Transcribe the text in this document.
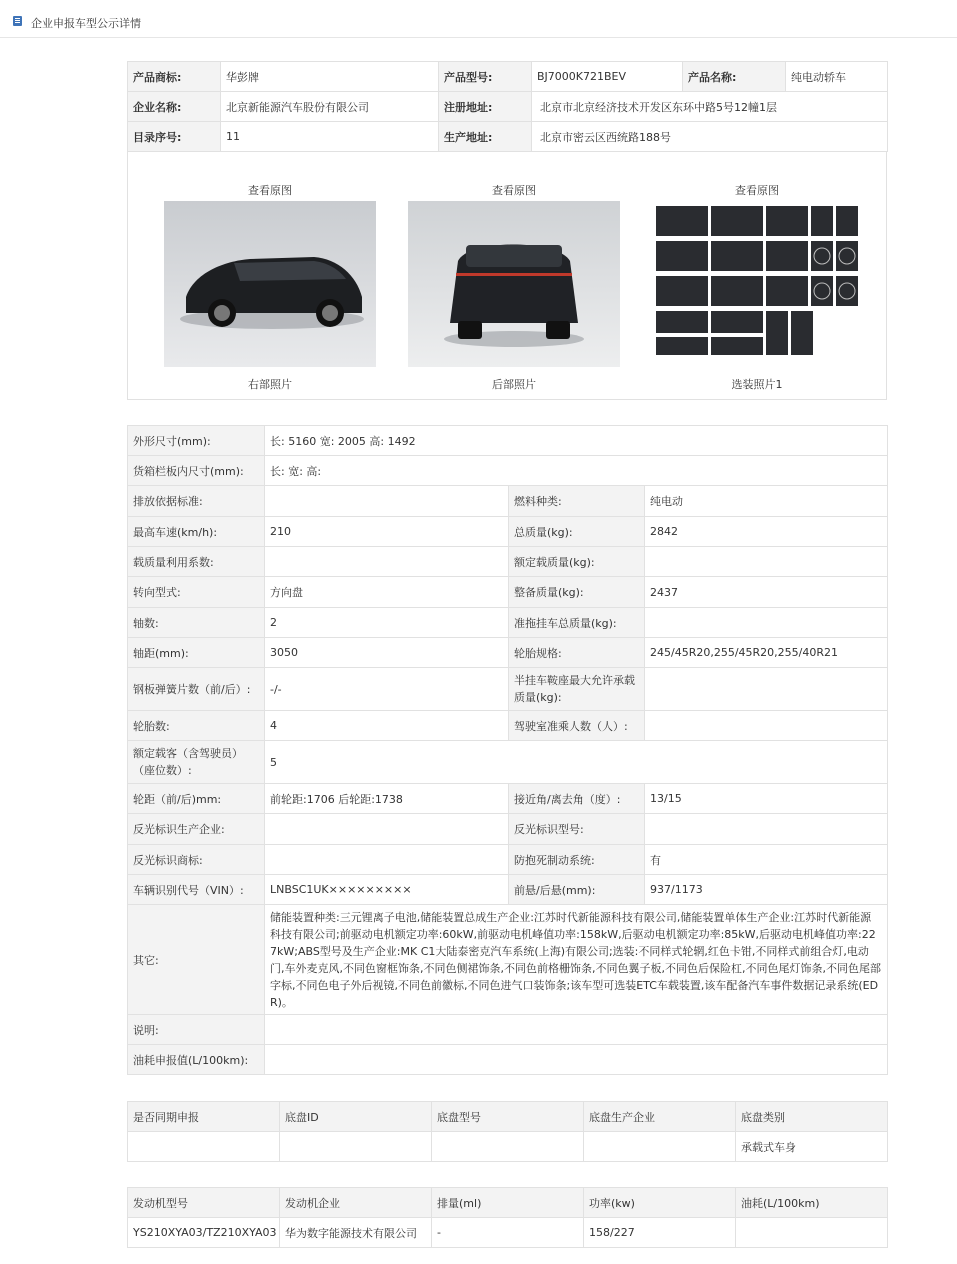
企业申报车型公示详情
产品商标:	华彭牌	产品型号:	BJ7000K721BEV	产品名称:	纯电动轿车
企业名称:	北京新能源汽车股份有限公司	注册地址:	北京市北京经济技术开发区东环中路5号12幢1层		
目录序号:	11	生产地址:	北京市密云区西统路188号		
查看原图
右部照片
查看原图
后部照片
查看原图
选装照片1
外形尺寸(mm):	长: 5160 宽: 2005 高: 1492		
货箱栏板内尺寸(mm):	长: 宽: 高:		
排放依据标准:		燃料种类:	纯电动
最高车速(km/h):	210	总质量(kg):	2842
载质量利用系数:		额定载质量(kg):	
转向型式:	方向盘	整备质量(kg):	2437
轴数:	2	准拖挂车总质量(kg):	
轴距(mm):	3050	轮胎规格:	245/45R20,255/45R20,255/40R21
钢板弹簧片数（前/后）:	-/-	半挂车鞍座最大允许承载质量(kg):	
轮胎数:	4	驾驶室准乘人数（人）:	
额定载客（含驾驶员）（座位数）:	5		
轮距（前/后)mm:	前轮距:1706 后轮距:1738	接近角/离去角（度）:	13/15
反光标识生产企业:		反光标识型号:	
反光标识商标:		防抱死制动系统:	有
车辆识别代号（VIN）:	LNBSC1UK×××××××××	前悬/后悬(mm):	937/1173
其它:	储能装置种类:三元锂离子电池,储能装置总成生产企业:江苏时代新能源科技有限公司,储能装置单体生产企业:江苏时代新能源科技有限公司;前驱动电机额定功率:60kW,前驱动电机峰值功率:158kW,后驱动电机额定功率:85kW,后驱动电机峰值功率:227kW;ABS型号及生产企业:MK C1大陆泰密克汽车系统(上海)有限公司;选装:不同样式轮辋,红色卡钳,不同样式前组合灯,电动门,车外麦克风,不同色窗框饰条,不同色侧裙饰条,不同色前格栅饰条,不同色翼子板,不同色后保险杠,不同色尾灯饰条,不同色尾部字标,不同色电子外后视镜,不同色前徽标,不同色进气口装饰条;该车型可选装ETC车载装置,该车配备汽车事件数据记录系统(EDR)。		
说明:			
油耗申报值(L/100km):			
是否同期申报	底盘ID	底盘型号	底盘生产企业	底盘类别
				承载式车身
发动机型号	发动机企业	排量(ml)	功率(kw)	油耗(L/100km)
YS210XYA03/TZ210XYA03	华为数字能源技术有限公司	-	158/227	
